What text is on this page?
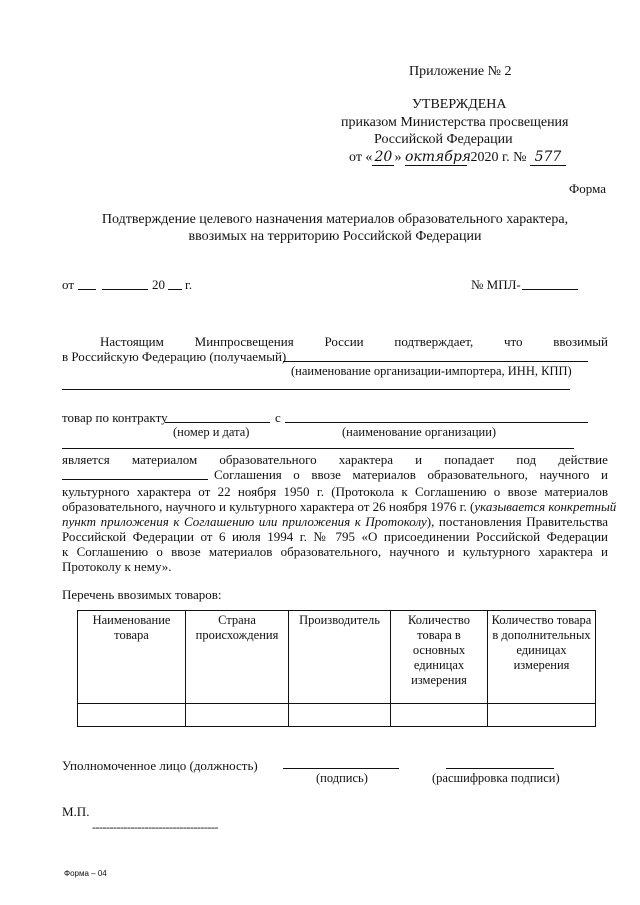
Приложение № 2
УТВЕРЖДЕНА
приказом Министерства просвещения
Российской Федерации
от « 20 » октября 2020 г. № 577
Форма
Подтверждение целевого назначения материалов образовательного характера,
ввозимых на территорию Российской Федерации
от	20 г.	№ МПЛ-
Настоящим Минпросвещения России подтверждает, что ввозимый
в Российскую Федерацию (получаемый)
(наименование организации-импортера, ИНН, КПП)
товар по контракту	с
(номер и дата)	(наименование организации)
является материалом образовательного характера и попадает под действие
Соглашения о ввозе материалов образовательного, научного и
культурного характера от 22 ноября 1950 г. (Протокола к Соглашению о ввозе материалов
образовательного, научного и культурного характера от 26 ноября 1976 г. (указывается конкретный
пункт приложения к Соглашению или приложения к Протоколу), постановления Правительства
Российской Федерации от 6 июля 1994 г. № 795 «О присоединении Российской Федерации
к Соглашению о ввозе материалов образовательного, научного и культурного характера и
Протоколу к нему».
Перечень ввозимых товаров:
Наименование товара	Страна происхождения	Производитель	Количество товара в основных единицах измерения	Количество товара в дополнительных единицах измерения

Уполномоченное лицо (должность)
(подпись)	(расшифровка подписи)
М.П.
------------------------------------
Форма – 04
